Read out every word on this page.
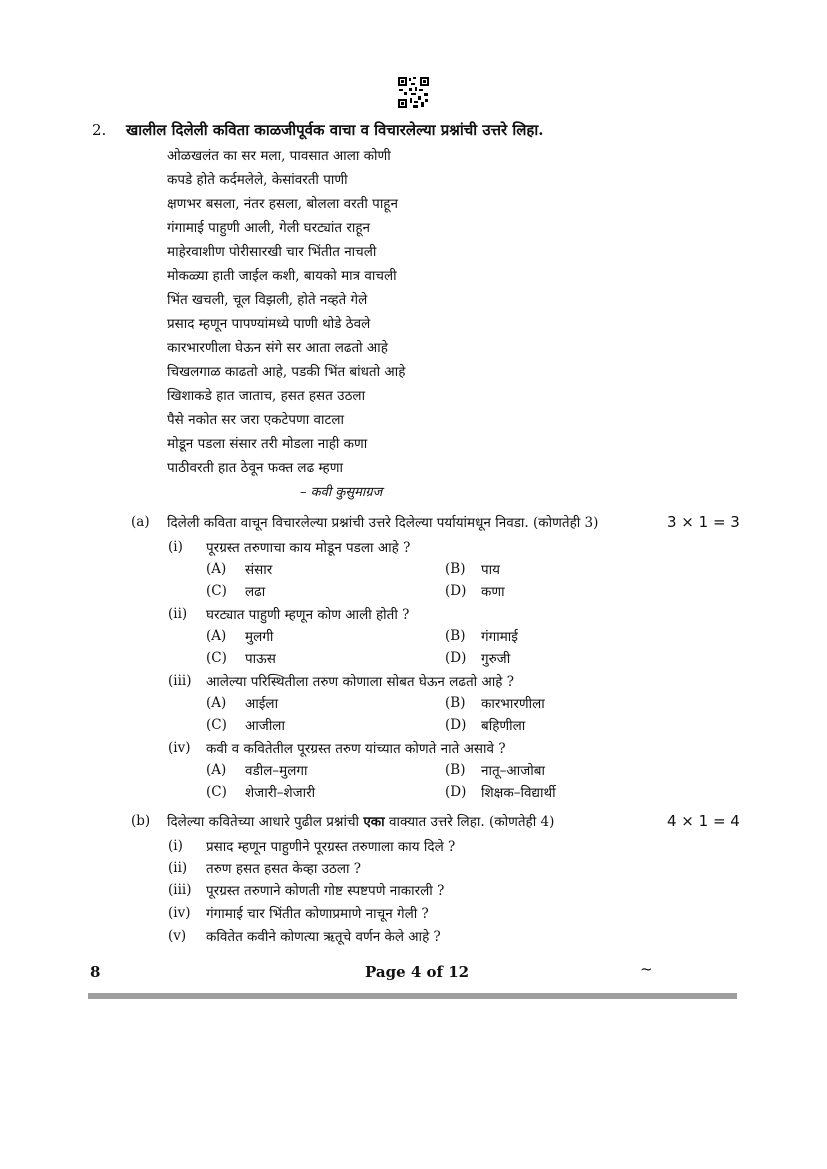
2. खालील दिलेली कविता काळजीपूर्वक वाचा व विचारलेल्या प्रश्नांची उत्तरे लिहा.
ओळखलंत का सर मला, पावसात आला कोणी
कपडे होते कर्दमलेले, केसांवरती पाणी
क्षणभर बसला, नंतर हसला, बोलला वरती पाहून
गंगामाई पाहुणी आली, गेली घरट्यांत राहून
माहेरवाशीण पोरीसारखी चार भिंतीत नाचली
मोकळ्या हाती जाईल कशी, बायको मात्र वाचली
भिंत खचली, चूल विझली, होते नव्हते गेले
प्रसाद म्हणून पापण्यांमध्ये पाणी थोडे ठेवले
कारभारणीला घेऊन संगे सर आता लढतो आहे
चिखलगाळ काढतो आहे, पडकी भिंत बांधतो आहे
खिशाकडे हात जाताच, हसत हसत उठला
पैसे नकोत सर जरा एकटेपणा वाटला
मोडून पडला संसार तरी मोडला नाही कणा
पाठीवरती हात ठेवून फक्त लढ म्हणा
– कवी कुसुमाग्रज
(a) दिलेली कविता वाचून विचारलेल्या प्रश्नांची उत्तरे दिलेल्या पर्यायांमधून निवडा. (कोणतेही 3)	3 × 1 = 3
(i) पूरग्रस्त तरुणाचा काय मोडून पडला आहे ?
(A) संसार	(B) पाय
(C) लढा	(D) कणा
(ii) घरट्यात पाहुणी म्हणून कोण आली होती ?
(A) मुलगी	(B) गंगामाई
(C) पाऊस	(D) गुरुजी
(iii) आलेल्या परिस्थितीला तरुण कोणाला सोबत घेऊन लढतो आहे ?
(A) आईला	(B) कारभारणीला
(C) आजीला	(D) बहिणीला
(iv) कवी व कवितेतील पूरग्रस्त तरुण यांच्यात कोणते नाते असावे ?
(A) वडील–मुलगा	(B) नातू–आजोबा
(C) शेजारी–शेजारी	(D) शिक्षक–विद्यार्थी
(b) दिलेल्या कवितेच्या आधारे पुढील प्रश्नांची एका वाक्यात उत्तरे लिहा. (कोणतेही 4)	4 × 1 = 4
(i) प्रसाद म्हणून पाहुणीने पूरग्रस्त तरुणाला काय दिले ?
(ii) तरुण हसत हसत केव्हा उठला ?
(iii) पूरग्रस्त तरुणाने कोणती गोष्ट स्पष्टपणे नाकारली ?
(iv) गंगामाई चार भिंतीत कोणाप्रमाणे नाचून गेली ?
(v) कवितेत कवीने कोणत्या ऋतूचे वर्णन केले आहे ?
8	Page 4 of 12	~
